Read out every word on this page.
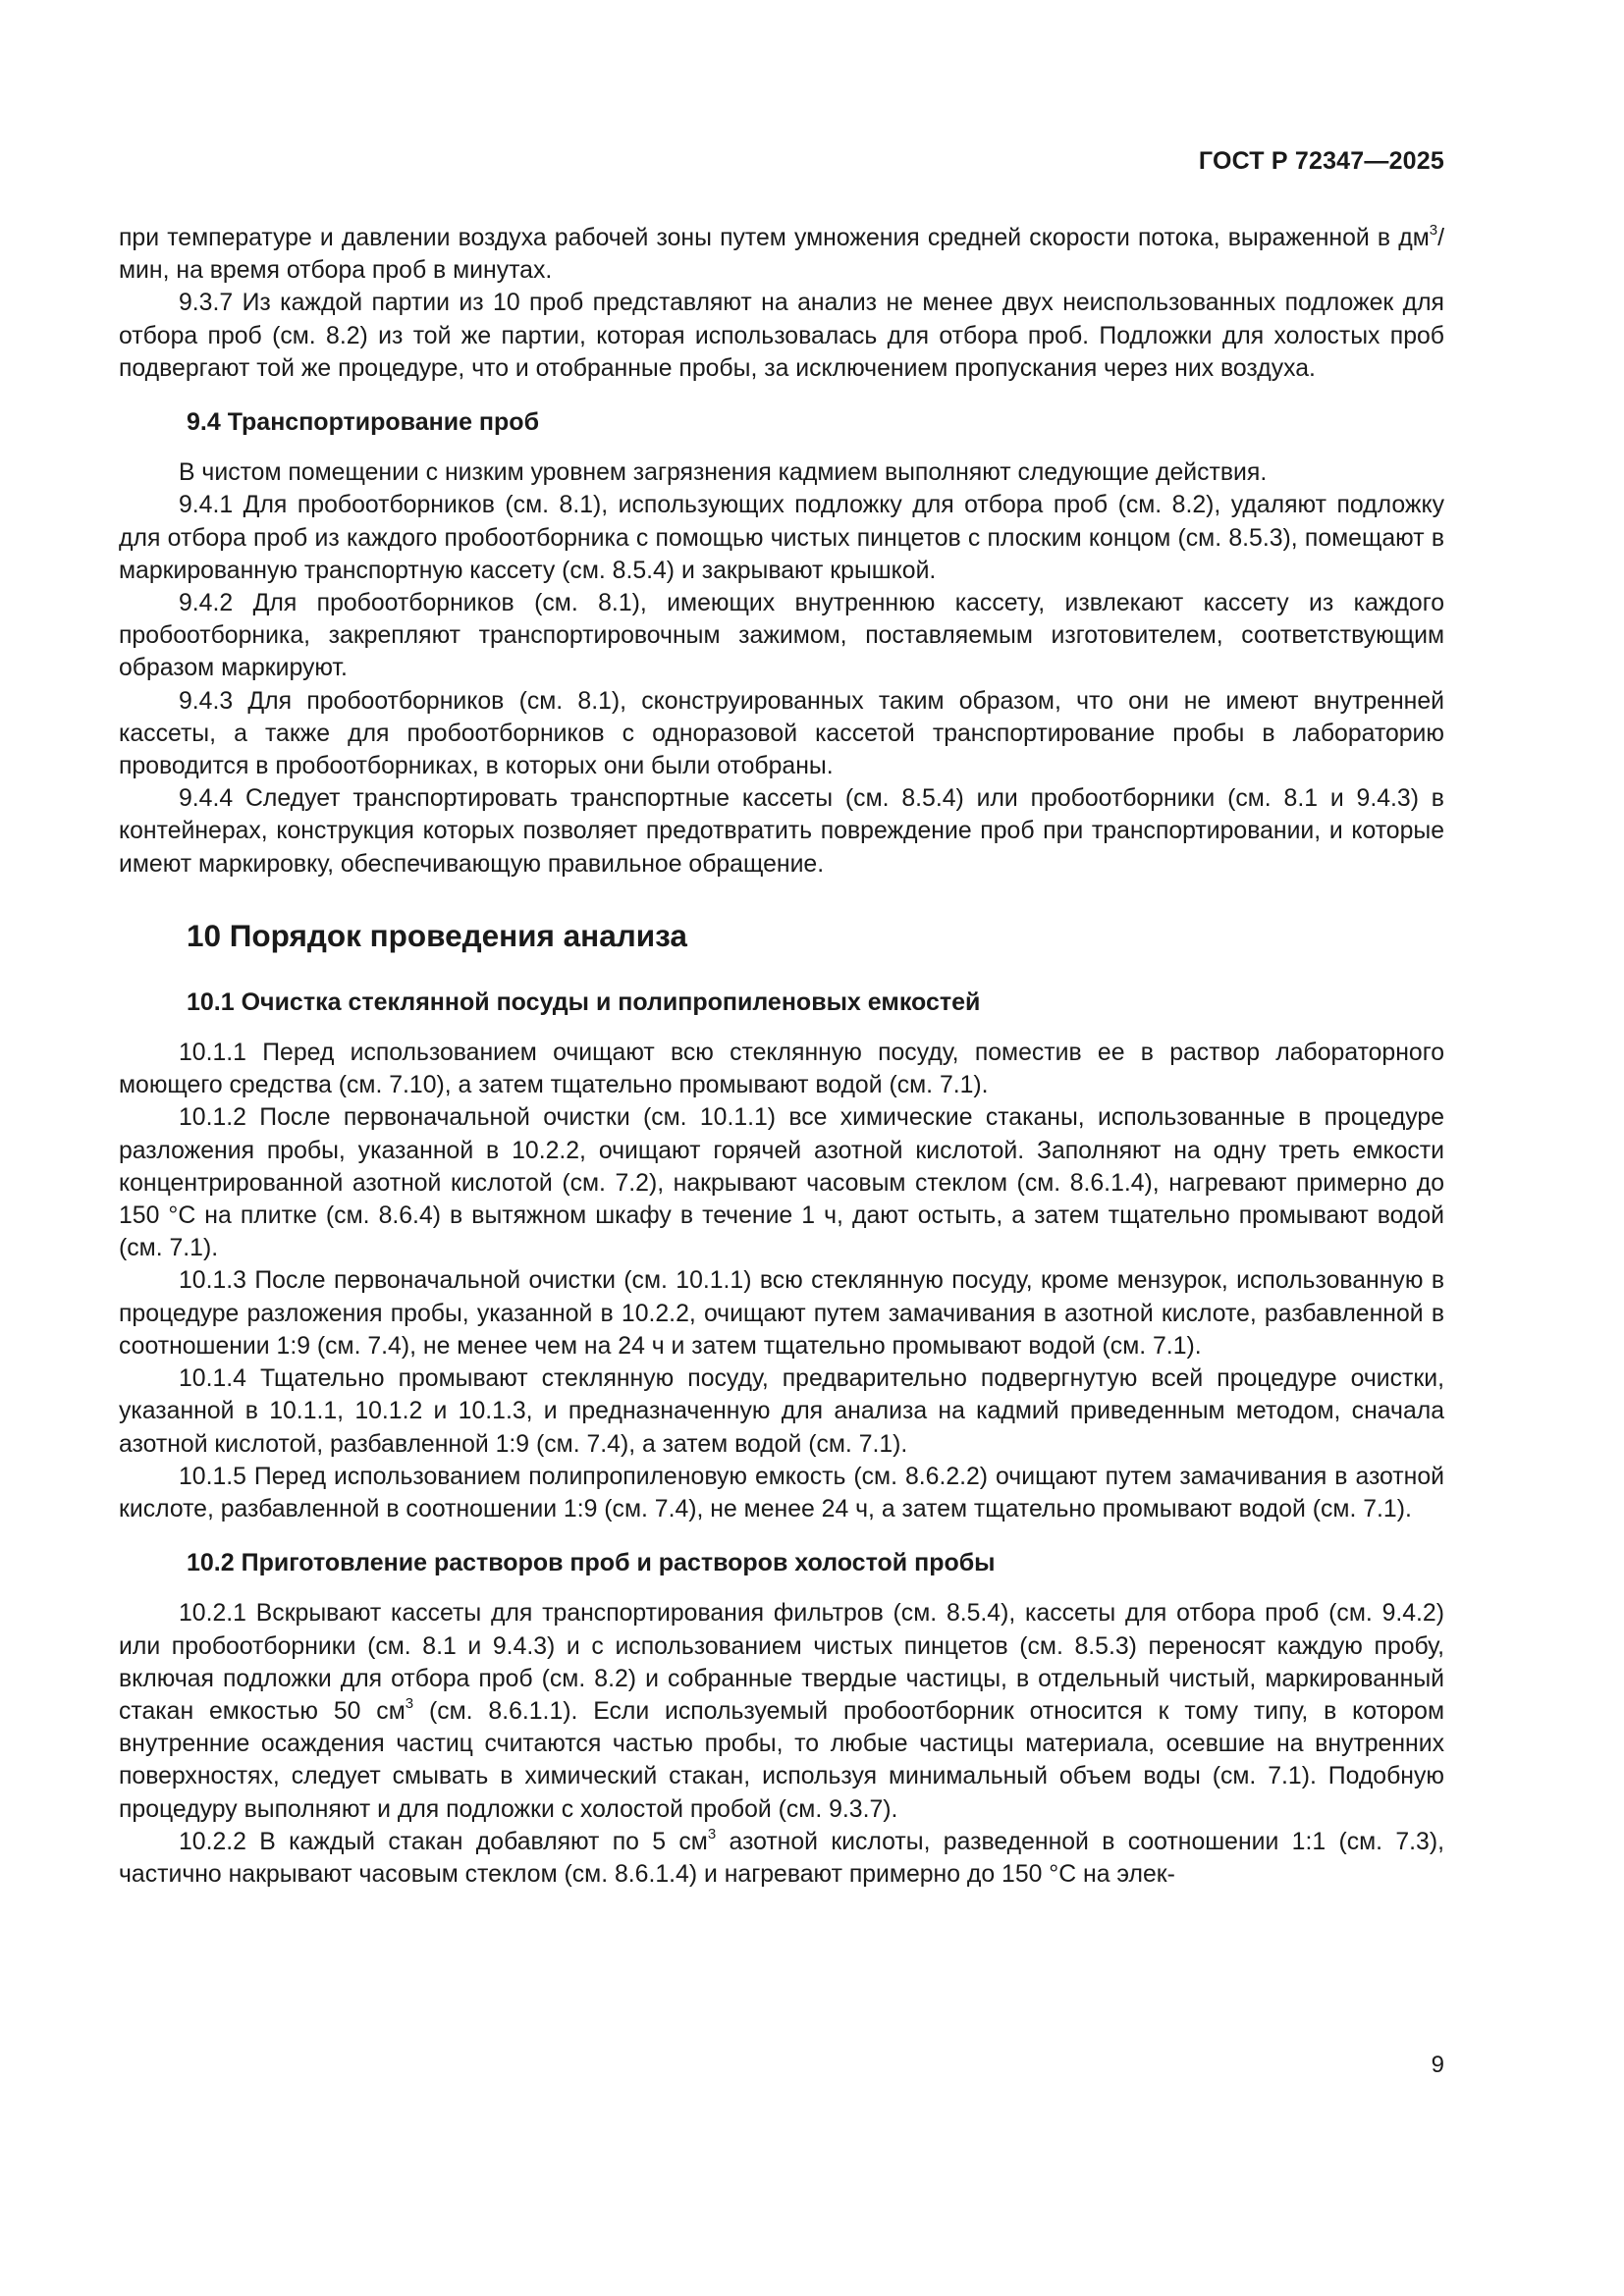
ГОСТ Р 72347—2025

при температуре и давлении воздуха рабочей зоны путем умножения средней скорости потока, выраженной в $дм^3$/мин, на время отбора проб в минутах.

9.3.7 Из каждой партии из 10 проб представляют на анализ не менее двух неиспользованных подложек для отбора проб (см. 8.2) из той же партии, которая использовалась для отбора проб. Подложки для холостых проб подвергают той же процедуре, что и отобранные пробы, за исключением пропускания через них воздуха.

9.4 Транспортирование проб

В чистом помещении с низким уровнем загрязнения кадмием выполняют следующие действия.

9.4.1 Для пробоотборников (см. 8.1), использующих подложку для отбора проб (см. 8.2), удаляют подложку для отбора проб из каждого пробоотборника с помощью чистых пинцетов с плоским концом (см. 8.5.3), помещают в маркированную транспортную кассету (см. 8.5.4) и закрывают крышкой.

9.4.2 Для пробоотборников (см. 8.1), имеющих внутреннюю кассету, извлекают кассету из каждого пробоотборника, закрепляют транспортировочным зажимом, поставляемым изготовителем, соответствующим образом маркируют.

9.4.3 Для пробоотборников (см. 8.1), сконструированных таким образом, что они не имеют внутренней кассеты, а также для пробоотборников с одноразовой кассетой транспортирование пробы в лабораторию проводится в пробоотборниках, в которых они были отобраны.

9.4.4 Следует транспортировать транспортные кассеты (см. 8.5.4) или пробоотборники (см. 8.1 и 9.4.3) в контейнерах, конструкция которых позволяет предотвратить повреждение проб при транспортировании, и которые имеют маркировку, обеспечивающую правильное обращение.

10 Порядок проведения анализа

10.1 Очистка стеклянной посуды и полипропиленовых емкостей

10.1.1 Перед использованием очищают всю стеклянную посуду, поместив ее в раствор лабораторного моющего средства (см. 7.10), а затем тщательно промывают водой (см. 7.1).

10.1.2 После первоначальной очистки (см. 10.1.1) все химические стаканы, использованные в процедуре разложения пробы, указанной в 10.2.2, очищают горячей азотной кислотой. Заполняют на одну треть емкости концентрированной азотной кислотой (см. 7.2), накрывают часовым стеклом (см. 8.6.1.4), нагревают примерно до 150 °С на плитке (см. 8.6.4) в вытяжном шкафу в течение 1 ч, дают остыть, а затем тщательно промывают водой (см. 7.1).

10.1.3 После первоначальной очистки (см. 10.1.1) всю стеклянную посуду, кроме мензурок, использованную в процедуре разложения пробы, указанной в 10.2.2, очищают путем замачивания в азотной кислоте, разбавленной в соотношении 1:9 (см. 7.4), не менее чем на 24 ч и затем тщательно промывают водой (см. 7.1).

10.1.4 Тщательно промывают стеклянную посуду, предварительно подвергнутую всей процедуре очистки, указанной в 10.1.1, 10.1.2 и 10.1.3, и предназначенную для анализа на кадмий приведенным методом, сначала азотной кислотой, разбавленной 1:9 (см. 7.4), а затем водой (см. 7.1).

10.1.5 Перед использованием полипропиленовую емкость (см. 8.6.2.2) очищают путем замачивания в азотной кислоте, разбавленной в соотношении 1:9 (см. 7.4), не менее 24 ч, а затем тщательно промывают водой (см. 7.1).

10.2 Приготовление растворов проб и растворов холостой пробы

10.2.1 Вскрывают кассеты для транспортирования фильтров (см. 8.5.4), кассеты для отбора проб (см. 9.4.2) или пробоотборники (см. 8.1 и 9.4.3) и с использованием чистых пинцетов (см. 8.5.3) переносят каждую пробу, включая подложки для отбора проб (см. 8.2) и собранные твердые частицы, в отдельный чистый, маркированный стакан емкостью 50 $см^3$ (см. 8.6.1.1). Если используемый пробоотборник относится к тому типу, в котором внутренние осаждения частиц считаются частью пробы, то любые частицы материала, осевшие на внутренних поверхностях, следует смывать в химический стакан, используя минимальный объем воды (см. 7.1). Подобную процедуру выполняют и для подложки с холостой пробой (см. 9.3.7).

10.2.2 В каждый стакан добавляют по 5 $см^3$ азотной кислоты, разведенной в соотношении 1:1 (см. 7.3), частично накрывают часовым стеклом (см. 8.6.1.4) и нагревают примерно до 150 °С на элек-

9
